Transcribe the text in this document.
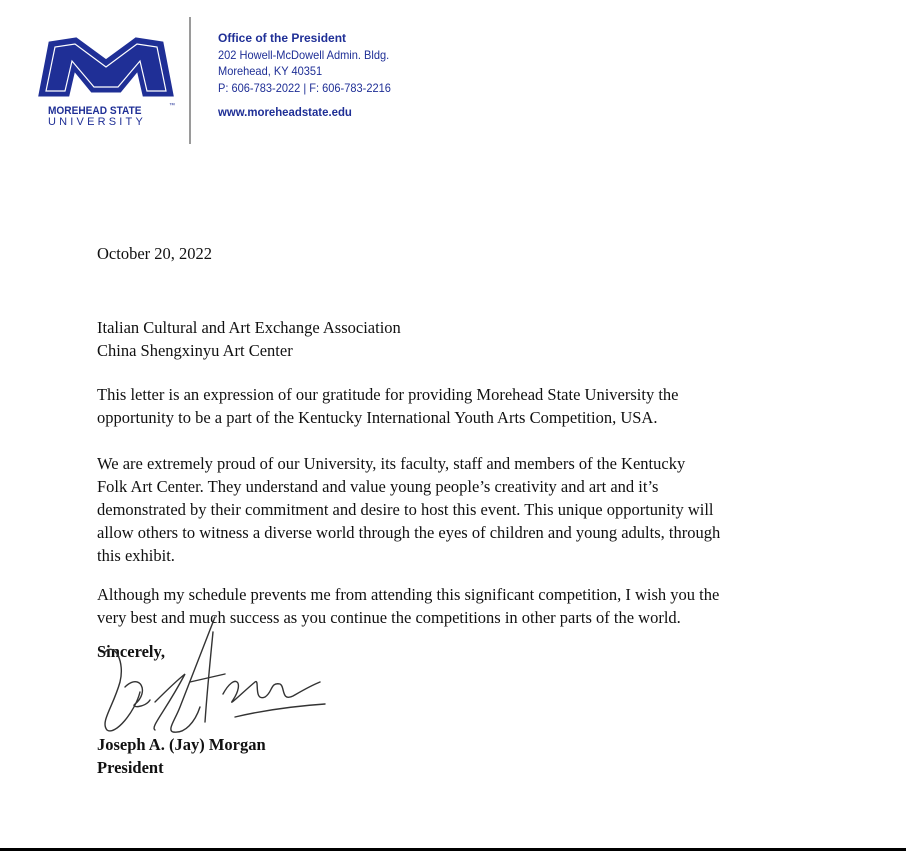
MOREHEAD STATE
UNIVERSITY
™
Office of the President
202 Howell-McDowell Admin. Bldg.
Morehead, KY 40351
P: 606-783-2022 | F: 606-783-2216
www.moreheadstate.edu
October 20, 2022
Italian Cultural and Art Exchange Association
China Shengxinyu Art Center
This letter is an expression of our gratitude for providing Morehead State University the
opportunity to be a part of the Kentucky International Youth Arts Competition, USA.
We are extremely proud of our University, its faculty, staff and members of the Kentucky
Folk Art Center. They understand and value young people’s creativity and art and it’s
demonstrated by their commitment and desire to host this event. This unique opportunity will
allow others to witness a diverse world through the eyes of children and young adults, through
this exhibit.
Although my schedule prevents me from attending this significant competition, I wish you the
very best and much success as you continue the competitions in other parts of the world.
Sincerely,
Joseph A. (Jay) Morgan
President
